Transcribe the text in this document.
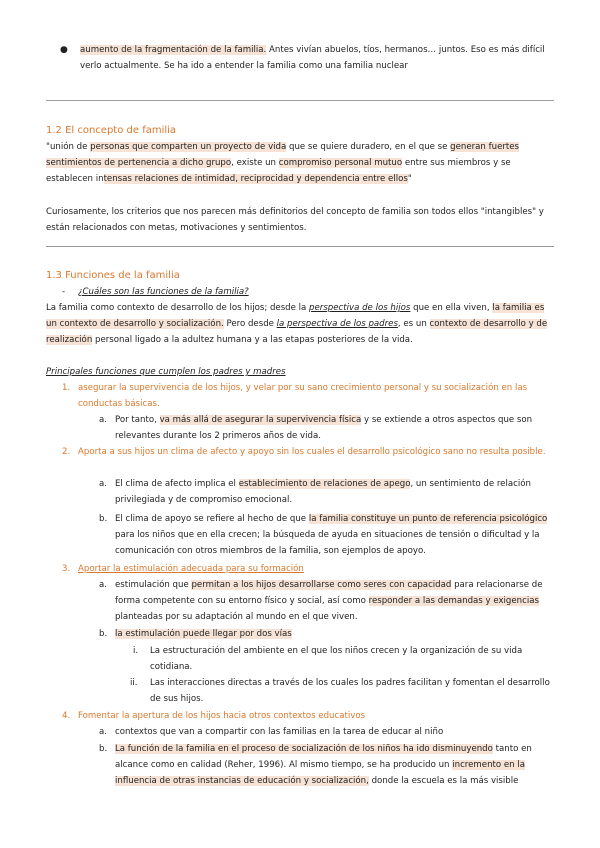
● aumento de la fragmentación de la familia. Antes vivían abuelos, tíos, hermanos… juntos. Eso es más difícil verlo actualmente. Se ha ido a entender la familia como una familia nuclear
1.2 El concepto de familia
"unión de personas que comparten un proyecto de vida que se quiere duradero, en el que se generan fuertes sentimientos de pertenencia a dicho grupo, existe un compromiso personal mutuo entre sus miembros y se establecen intensas relaciones de intimidad, reciprocidad y dependencia entre ellos"
Curiosamente, los criterios que nos parecen más definitorios del concepto de familia son todos ellos "intangibles" y están relacionados con metas, motivaciones y sentimientos.
1.3 Funciones de la familia
- ¿Cuáles son las funciones de la familia?
La familia como contexto de desarrollo de los hijos; desde la perspectiva de los hijos que en ella viven, la familia es un contexto de desarrollo y socialización. Pero desde la perspectiva de los padres, es un contexto de desarrollo y de realización personal ligado a la adultez humana y a las etapas posteriores de la vida.
Principales funciones que cumplen los padres y madres
1. asegurar la supervivencia de los hijos, y velar por su sano crecimiento personal y su socialización en las conductas básicas.
a. Por tanto, va más allá de asegurar la supervivencia física y se extiende a otros aspectos que son relevantes durante los 2 primeros años de vida.
2. Aporta a sus hijos un clima de afecto y apoyo sin los cuales el desarrollo psicológico sano no resulta posible.
a. El clima de afecto implica el establecimiento de relaciones de apego, un sentimiento de relación privilegiada y de compromiso emocional.
b. El clima de apoyo se refiere al hecho de que la familia constituye un punto de referencia psicológico para los niños que en ella crecen; la búsqueda de ayuda en situaciones de tensión o dificultad y la comunicación con otros miembros de la familia, son ejemplos de apoyo.
3. Aportar la estimulación adecuada para su formación
a. estimulación que permitan a los hijos desarrollarse como seres con capacidad para relacionarse de forma competente con su entorno físico y social, así como responder a las demandas y exigencias planteadas por su adaptación al mundo en el que viven.
b. la estimulación puede llegar por dos vías
i.	La estructuración del ambiente en el que los niños crecen y la organización de su vida cotidiana.
ii.	Las interacciones directas a través de los cuales los padres facilitan y fomentan el desarrollo de sus hijos.
4. Fomentar la apertura de los hijos hacia otros contextos educativos
a. contextos que van a compartir con las familias en la tarea de educar al niño
b. La función de la familia en el proceso de socialización de los niños ha ido disminuyendo tanto en alcance como en calidad (Reher, 1996). Al mismo tiempo, se ha producido un incremento en la influencia de otras instancias de educación y socialización, donde la escuela es la más visible
